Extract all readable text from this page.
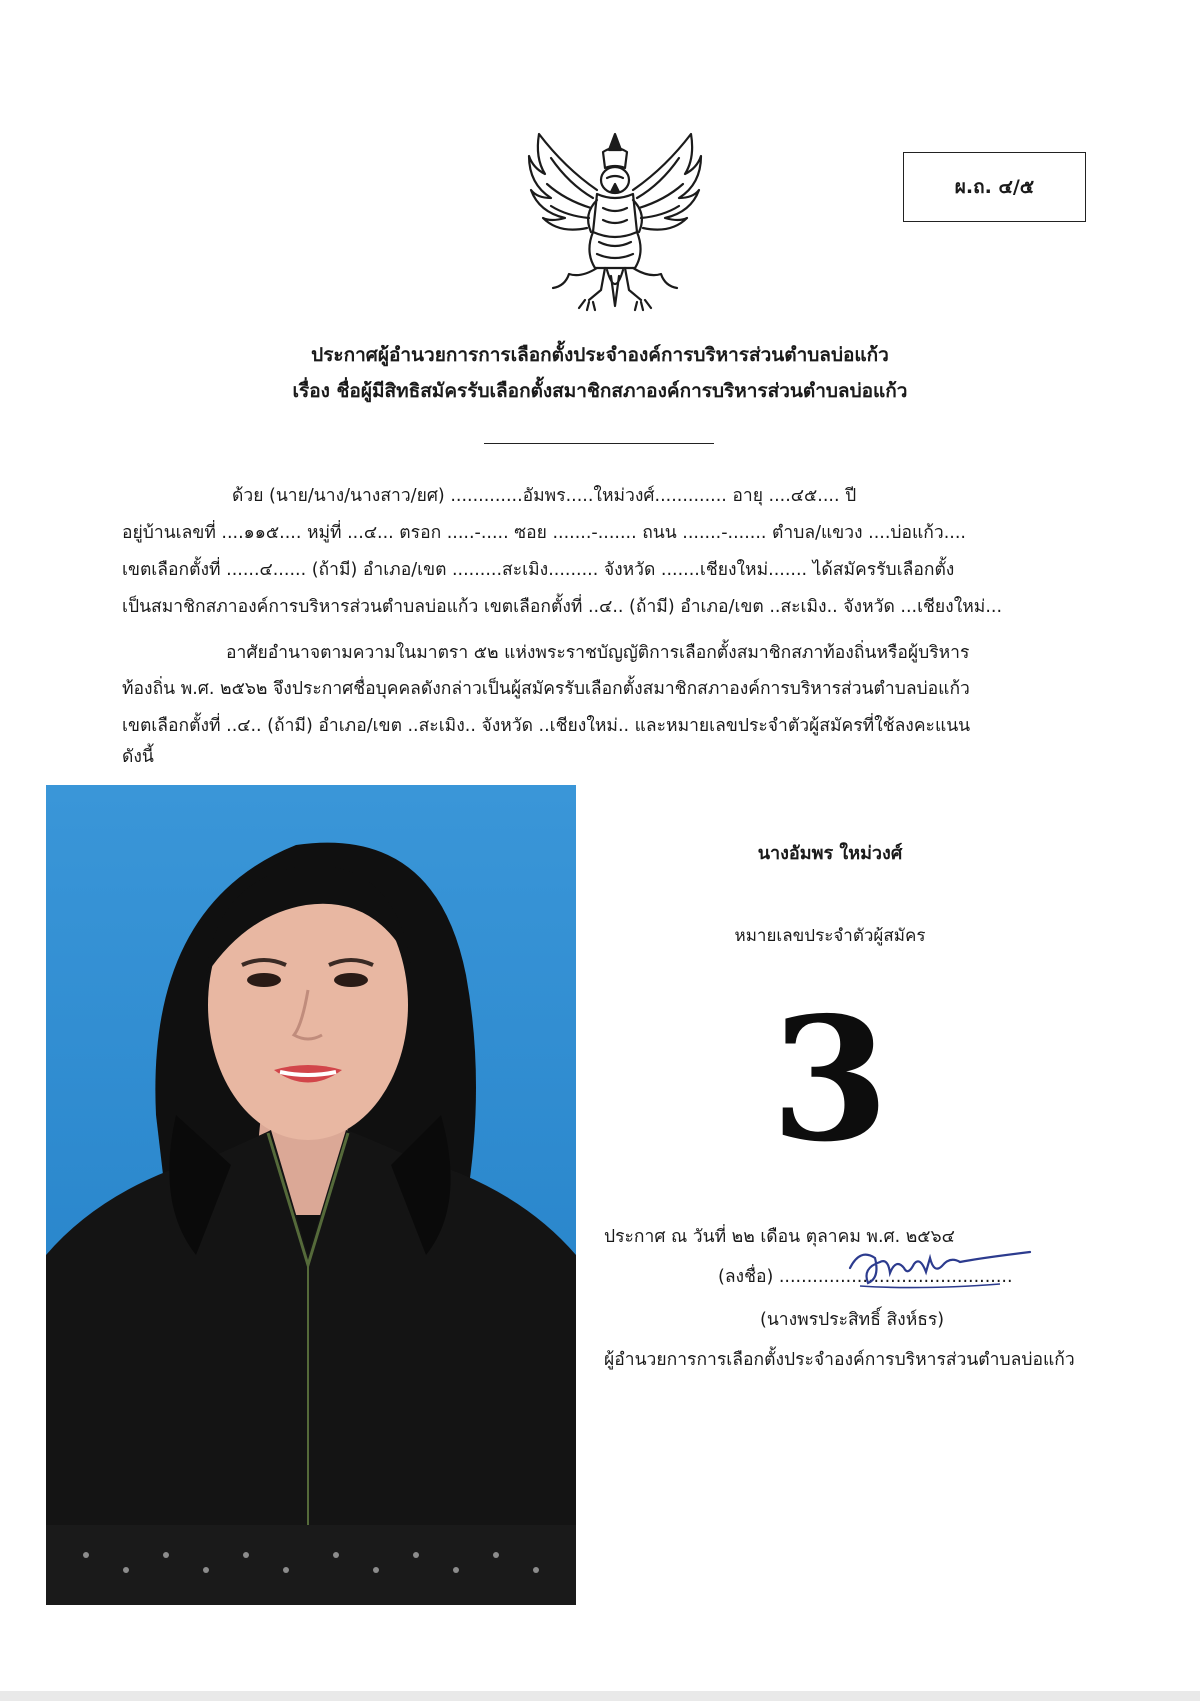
ผ.ถ. ๔/๕
ประกาศผู้อำนวยการการเลือกตั้งประจำองค์การบริหารส่วนตำบลบ่อแก้ว
เรื่อง ชื่อผู้มีสิทธิสมัครรับเลือกตั้งสมาชิกสภาองค์การบริหารส่วนตำบลบ่อแก้ว
ด้วย (นาย/นาง/นางสาว/ยศ) .............อัมพร.....ใหม่วงศ์............. อายุ ....๔๕.... ปี
อยู่บ้านเลขที่ ....๑๑๕.... หมู่ที่ ...๔... ตรอก .....-..... ซอย .......-....... ถนน .......-....... ตำบล/แขวง ....บ่อแก้ว....
เขตเลือกตั้งที่ ......๔...... (ถ้ามี) อำเภอ/เขต .........สะเมิง......... จังหวัด .......เชียงใหม่....... ได้สมัครรับเลือกตั้ง
เป็นสมาชิกสภาองค์การบริหารส่วนตำบลบ่อแก้ว เขตเลือกตั้งที่ ..๔.. (ถ้ามี) อำเภอ/เขต ..สะเมิง.. จังหวัด ...เชียงใหม่...
อาศัยอำนาจตามความในมาตรา ๕๒ แห่งพระราชบัญญัติการเลือกตั้งสมาชิกสภาท้องถิ่นหรือผู้บริหาร
ท้องถิ่น พ.ศ. ๒๕๖๒ จึงประกาศชื่อบุคคลดังกล่าวเป็นผู้สมัครรับเลือกตั้งสมาชิกสภาองค์การบริหารส่วนตำบลบ่อแก้ว
เขตเลือกตั้งที่ ..๔.. (ถ้ามี) อำเภอ/เขต ..สะเมิง.. จังหวัด ..เชียงใหม่.. และหมายเลขประจำตัวผู้สมัครที่ใช้ลงคะแนน
ดังนี้
นางอัมพร ใหม่วงศ์
หมายเลขประจำตัวผู้สมัคร
3
ประกาศ ณ วันที่ ๒๒ เดือน ตุลาคม พ.ศ. ๒๕๖๔
(ลงชื่อ) ..........................................
(นางพรประสิทธิ์ สิงห์ธร)
ผู้อำนวยการการเลือกตั้งประจำองค์การบริหารส่วนตำบลบ่อแก้ว
